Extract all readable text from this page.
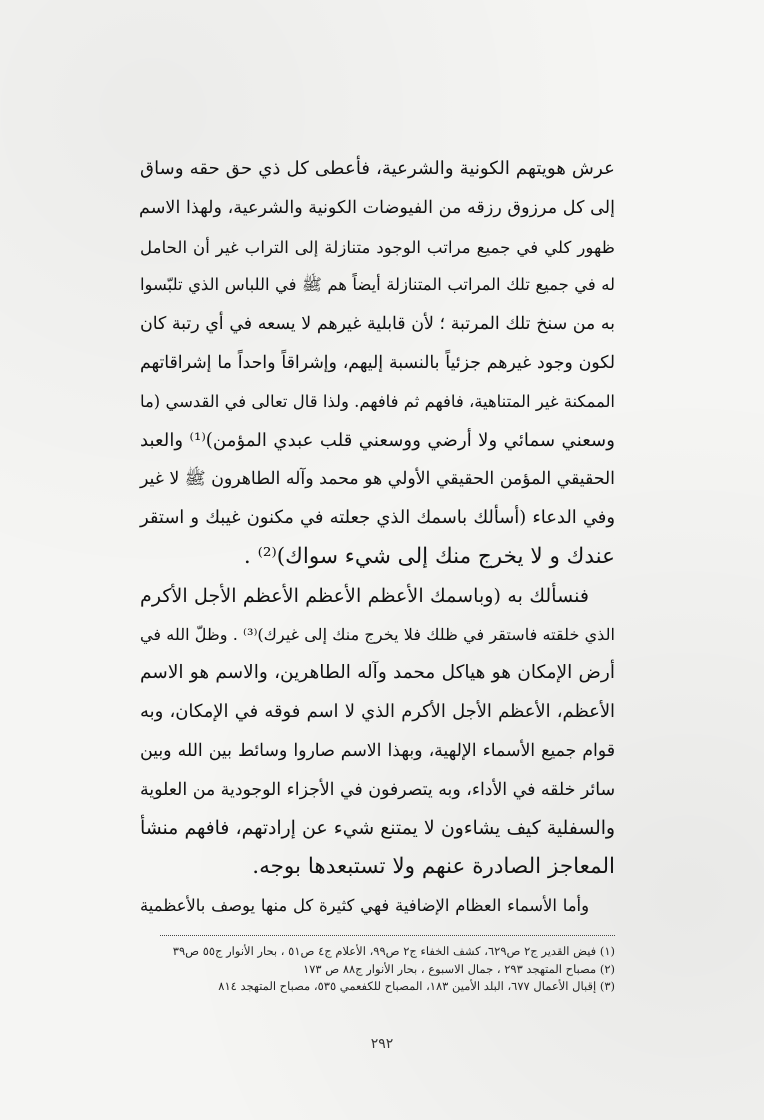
عرش هويتهم الكونية والشرعية، فأعطى كل ذي حق حقه وساق
إلى كل مرزوق رزقه من الفيوضات الكونية والشرعية، ولهذا الاسم
ظهور كلي في جميع مراتب الوجود متنازلة إلى التراب غير أن الحامل
له في جميع تلك المراتب المتنازلة أيضاً هم ﷺ في اللباس الذي تلبّسوا
به من سنخ تلك المرتبة ؛ لأن قابلية غيرهم لا يسعه في أي رتبة كان
لكون وجود غيرهم جزئياً بالنسبة إليهم، وإشراقاً واحداً ما إشراقاتهم
الممكنة غير المتناهية، فافهم ثم فافهم. ولذا قال تعالى في القدسي (ما
وسعني سمائي ولا أرضي ووسعني قلب عبدي المؤمن)⁽¹⁾ والعبد
الحقيقي المؤمن الحقيقي الأولي هو محمد وآله الطاهرون ﷺ لا غير
وفي الدعاء (أسألك باسمك الذي جعلته في مكنون غيبك و استقر
عندك و لا يخرج منك إلى شيء سواك)⁽²⁾ .
فنسألك به (وباسمك الأعظم الأعظم الأعظم الأجل الأكرم
الذي خلقته فاستقر في ظلك فلا يخرج منك إلى غيرك)⁽³⁾ . وظلّ الله في
أرض الإمكان هو هياكل محمد وآله الطاهرين، والاسم هو الاسم
الأعظم، الأعظم الأجل الأكرم الذي لا اسم فوقه في الإمكان، وبه
قوام جميع الأسماء الإلهية، وبهذا الاسم صاروا وسائط بين الله وبين
سائر خلقه في الأداء، وبه يتصرفون في الأجزاء الوجودية من العلوية
والسفلية كيف يشاءون لا يمتنع شيء عن إرادتهم، فافهم منشأ
المعاجز الصادرة عنهم ولا تستبعدها بوجه.
وأما الأسماء العظام الإضافية فهي كثيرة كل منها يوصف بالأعظمية
(١) فيض القدير ج٢ ص٦٢٩، كشف الخفاء ج٢ ص٩٩، الأعلام ج٤ ص٥١ ، بحار الأنوار ج٥٥ ص٣٩
(٢) مصباح المتهجد ٢٩٣ ، جمال الاسبوع ، بحار الأنوار ج٨٨ ص ١٧٣
(٣) إقبال الأعمال ٦٧٧، البلد الأمين ١٨٣، المصباح للكفعمي ٥٣٥، مصباح المتهجد ٨١٤
٢٩٢
